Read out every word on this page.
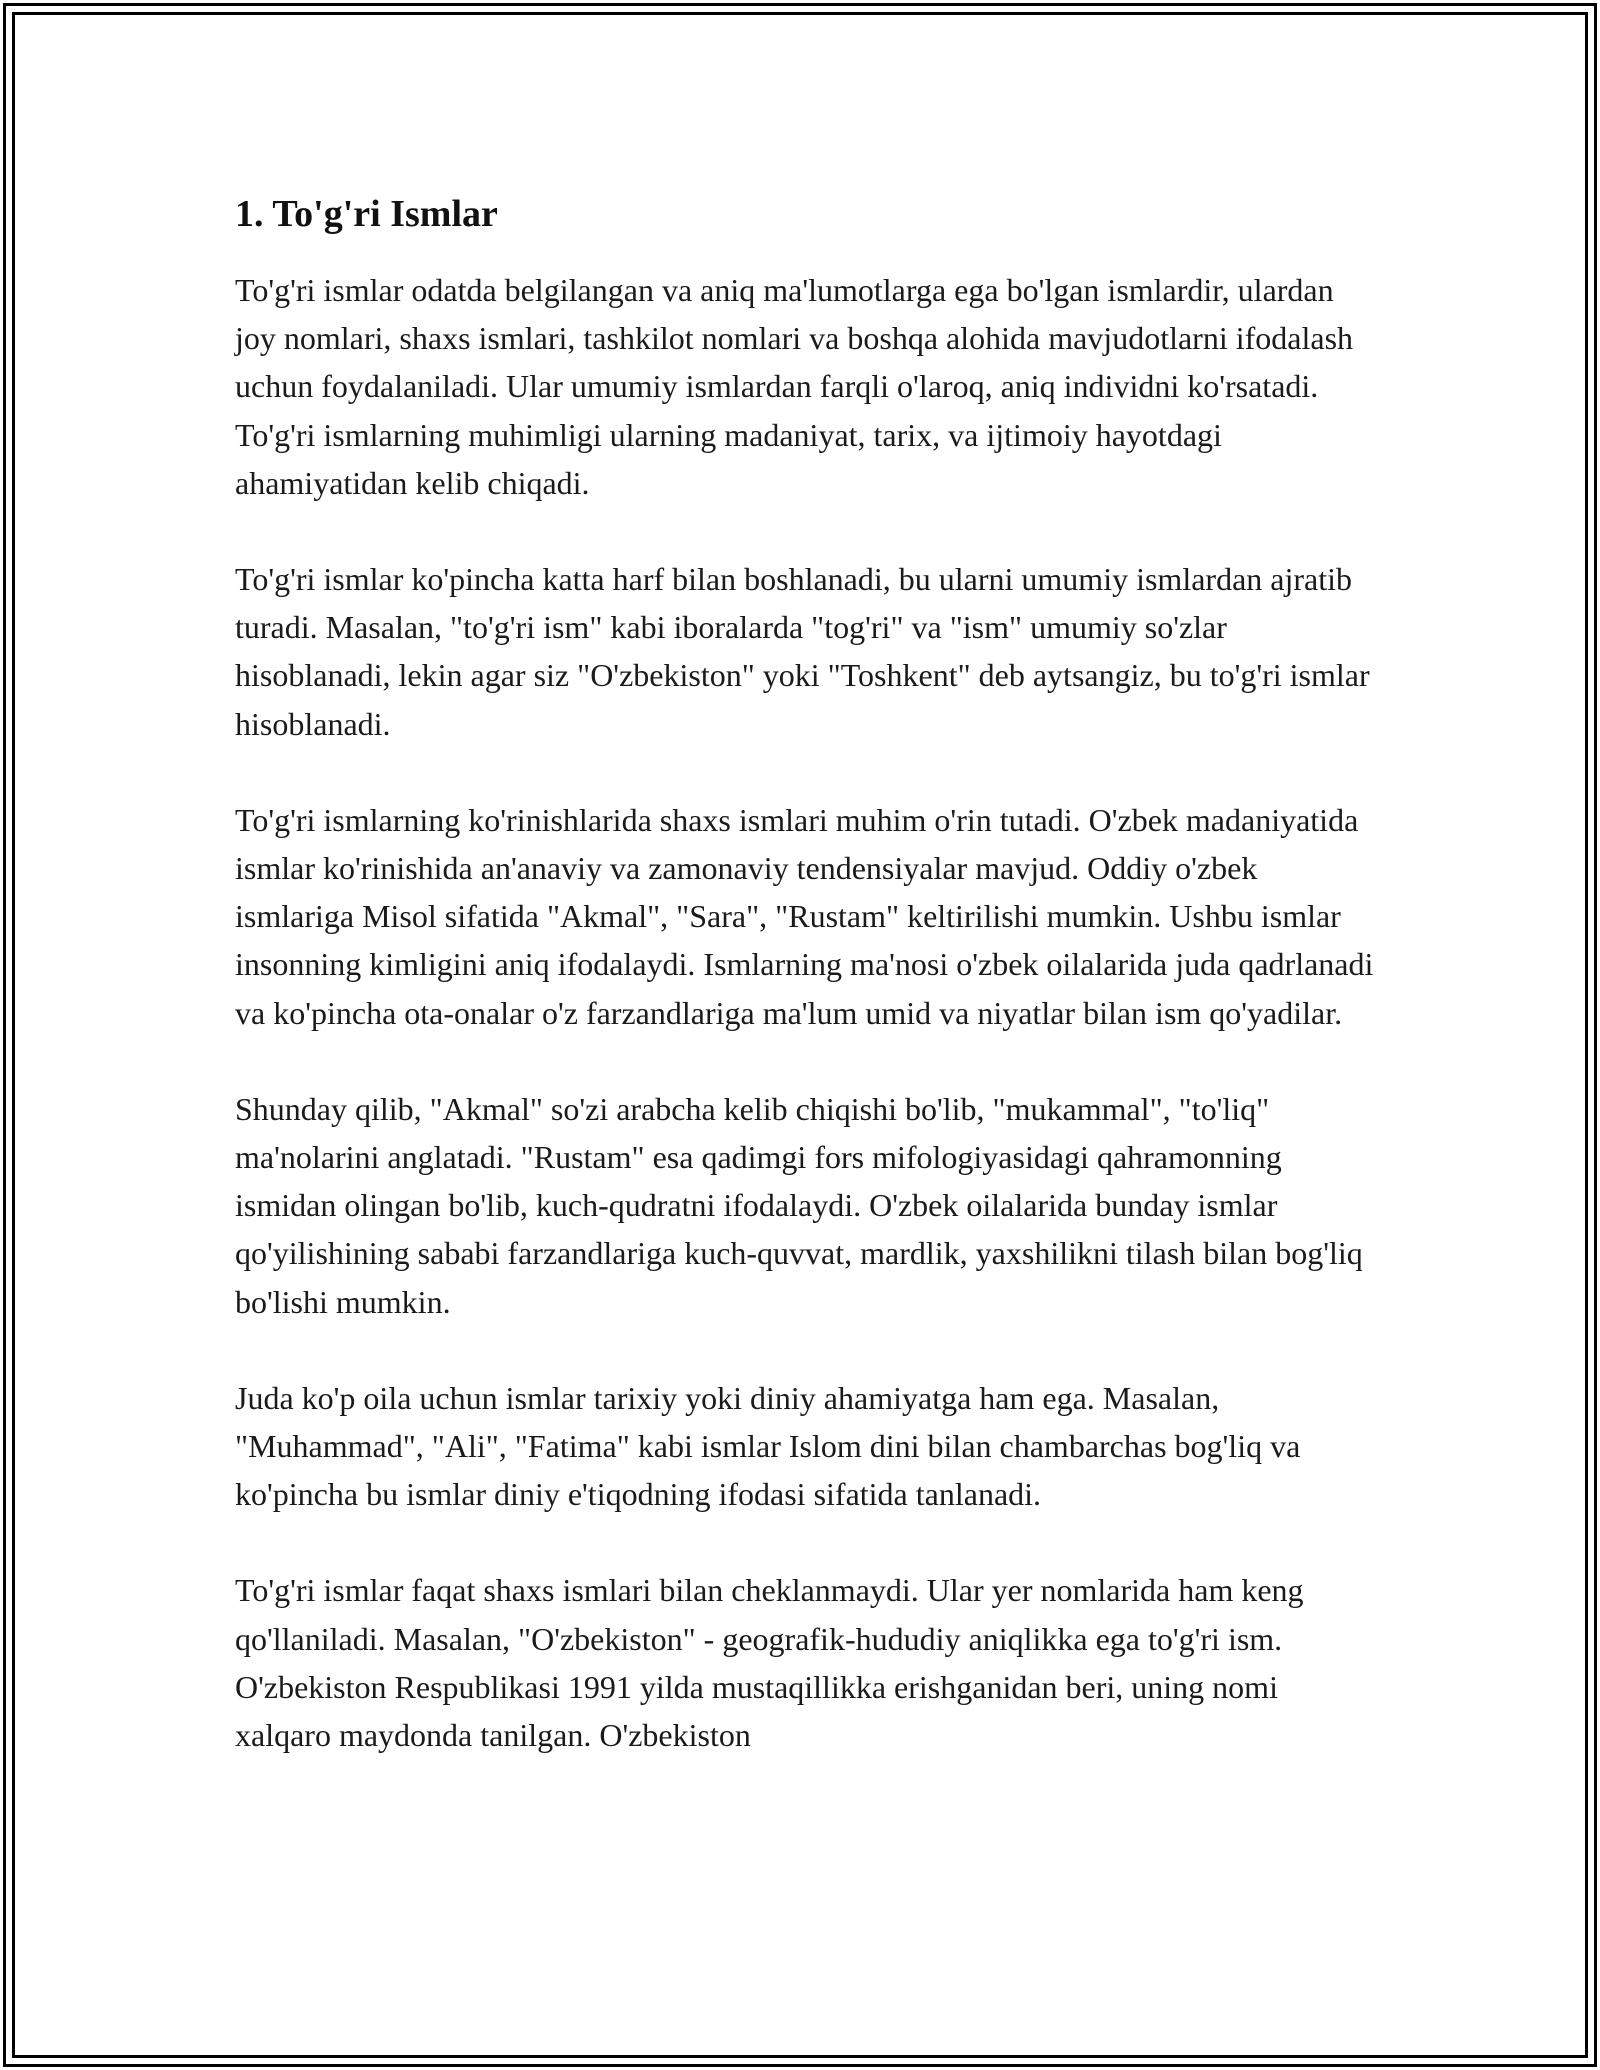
1. To'g'ri Ismlar

To'g'ri ismlar odatda belgilangan va aniq ma'lumotlarga ega bo'lgan ismlardir, ulardan joy nomlari, shaxs ismlari, tashkilot nomlari va boshqa alohida mavjudotlarni ifodalash uchun foydalaniladi. Ular umumiy ismlardan farqli o'laroq, aniq individni ko'rsatadi. To'g'ri ismlarning muhimligi ularning madaniyat, tarix, va ijtimoiy hayotdagi ahamiyatidan kelib chiqadi.

To'g'ri ismlar ko'pincha katta harf bilan boshlanadi, bu ularni umumiy ismlardan ajratib turadi. Masalan, "to'g'ri ism" kabi iboralarda "tog'ri" va "ism" umumiy so'zlar hisoblanadi, lekin agar siz "O'zbekiston" yoki "Toshkent" deb aytsangiz, bu to'g'ri ismlar hisoblanadi.

To'g'ri ismlarning ko'rinishlarida shaxs ismlari muhim o'rin tutadi. O'zbek madaniyatida ismlar ko'rinishida an'anaviy va zamonaviy tendensiyalar mavjud. Oddiy o'zbek ismlariga Misol sifatida "Akmal", "Sara", "Rustam" keltirilishi mumkin. Ushbu ismlar insonning kimligini aniq ifodalaydi. Ismlarning ma'nosi o'zbek oilalarida juda qadrlanadi va ko'pincha ota-onalar o'z farzandlariga ma'lum umid va niyatlar bilan ism qo'yadilar.

Shunday qilib, "Akmal" so'zi arabcha kelib chiqishi bo'lib, "mukammal", "to'liq" ma'nolarini anglatadi. "Rustam" esa qadimgi fors mifologiyasidagi qahramonning ismidan olingan bo'lib, kuch-qudratni ifodalaydi. O'zbek oilalarida bunday ismlar qo'yilishining sababi farzandlariga kuch-quvvat, mardlik, yaxshilikni tilash bilan bog'liq bo'lishi mumkin.

Juda ko'p oila uchun ismlar tarixiy yoki diniy ahamiyatga ham ega. Masalan, "Muhammad", "Ali", "Fatima" kabi ismlar Islom dini bilan chambarchas bog'liq va ko'pincha bu ismlar diniy e'tiqodning ifodasi sifatida tanlanadi.

To'g'ri ismlar faqat shaxs ismlari bilan cheklanmaydi. Ular yer nomlarida ham keng qo'llaniladi. Masalan, "O'zbekiston" - geografik-hududiy aniqlikka ega to'g'ri ism. O'zbekiston Respublikasi 1991 yilda mustaqillikka erishganidan beri, uning nomi xalqaro maydonda tanilgan. O'zbekiston
